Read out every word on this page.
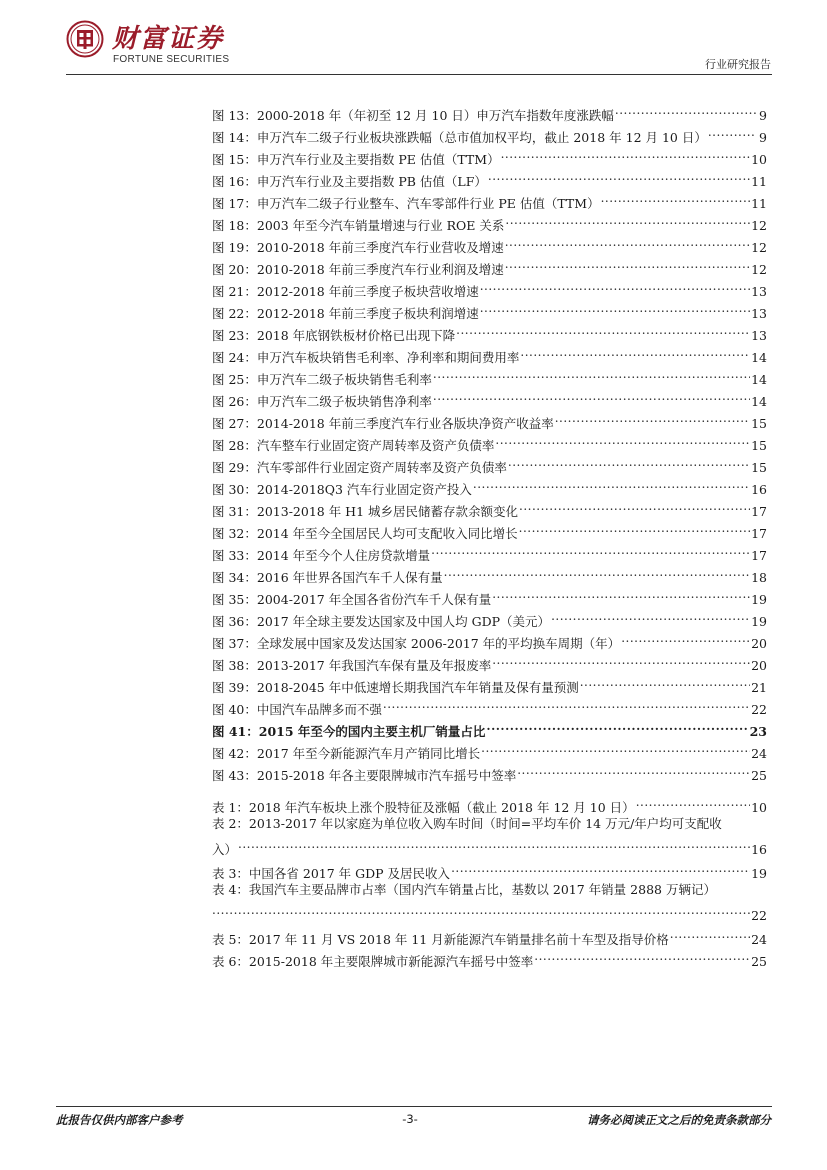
财富证券
FORTUNE SECURITIES	行业研究报告
图 13：2000-2018 年（年初至 12 月 10 日）申万汽车指数年度涨跌幅 .....	9
图 14：申万汽车二级子行业板块涨跌幅（总市值加权平均，截止 2018 年 12 月 10 日） .....	9
图 15：申万汽车行业及主要指数 PE 估值（TTM） .....	10
图 16：申万汽车行业及主要指数 PB 估值（LF） .....	11
图 17：申万汽车二级子行业整车、汽车零部件行业 PE 估值（TTM） .....	11
图 18：2003 年至今汽车销量增速与行业 ROE 关系 .....	12
图 19：2010-2018 年前三季度汽车行业营收及增速 .....	12
图 20：2010-2018 年前三季度汽车行业利润及增速 .....	12
图 21：2012-2018 年前三季度子板块营收增速 .....	13
图 22：2012-2018 年前三季度子板块利润增速 .....	13
图 23：2018 年底钢铁板材价格已出现下降 .....	13
图 24：申万汽车板块销售毛利率、净利率和期间费用率 .....	14
图 25：申万汽车二级子板块销售毛利率 .....	14
图 26：申万汽车二级子板块销售净利率 .....	14
图 27：2014-2018 年前三季度汽车行业各版块净资产收益率 .....	15
图 28：汽车整车行业固定资产周转率及资产负债率 .....	15
图 29：汽车零部件行业固定资产周转率及资产负债率 .....	15
图 30：2014-2018Q3 汽车行业固定资产投入 .....	16
图 31：2013-2018 年 H1 城乡居民储蓄存款余额变化 .....	17
图 32：2014 年至今全国居民人均可支配收入同比增长 .....	17
图 33：2014 年至今个人住房贷款增量 .....	17
图 34：2016 年世界各国汽车千人保有量 .....	18
图 35：2004-2017 年全国各省份汽车千人保有量 .....	19
图 36：2017 年全球主要发达国家及中国人均 GDP（美元） .....	19
图 37：全球发展中国家及发达国家 2006-2017 年的平均换车周期（年） .....	20
图 38：2013-2017 年我国汽车保有量及年报废率 .....	20
图 39：2018-2045 年中低速增长期我国汽车年销量及保有量预测 .....	21
图 40：中国汽车品牌多而不强 .....	22
图 41：2015 年至今的国内主要主机厂销量占比 .....	23
图 42：2017 年至今新能源汽车月产销同比增长 .....	24
图 43：2015-2018 年各主要限牌城市汽车摇号中签率 .....	25
表 1：2018 年汽车板块上涨个股特征及涨幅（截止 2018 年 12 月 10 日） .....	10
表 2：2013-2017 年以家庭为单位收入购车时间（时间=平均车价 14 万元/年户均可支配收
入） .....	16
表 3：中国各省 2017 年 GDP 及居民收入 .....	19
表 4：我国汽车主要品牌市占率（国内汽车销量占比，基数以 2017 年销量 2888 万辆记）
.....
22
表 5：2017 年 11 月 VS 2018 年 11 月新能源汽车销量排名前十车型及指导价格 .....	24
表 6：2015-2018 年主要限牌城市新能源汽车摇号中签率 .....	25
此报告仅供内部客户参考	-3-	请务必阅读正文之后的免责条款部分
